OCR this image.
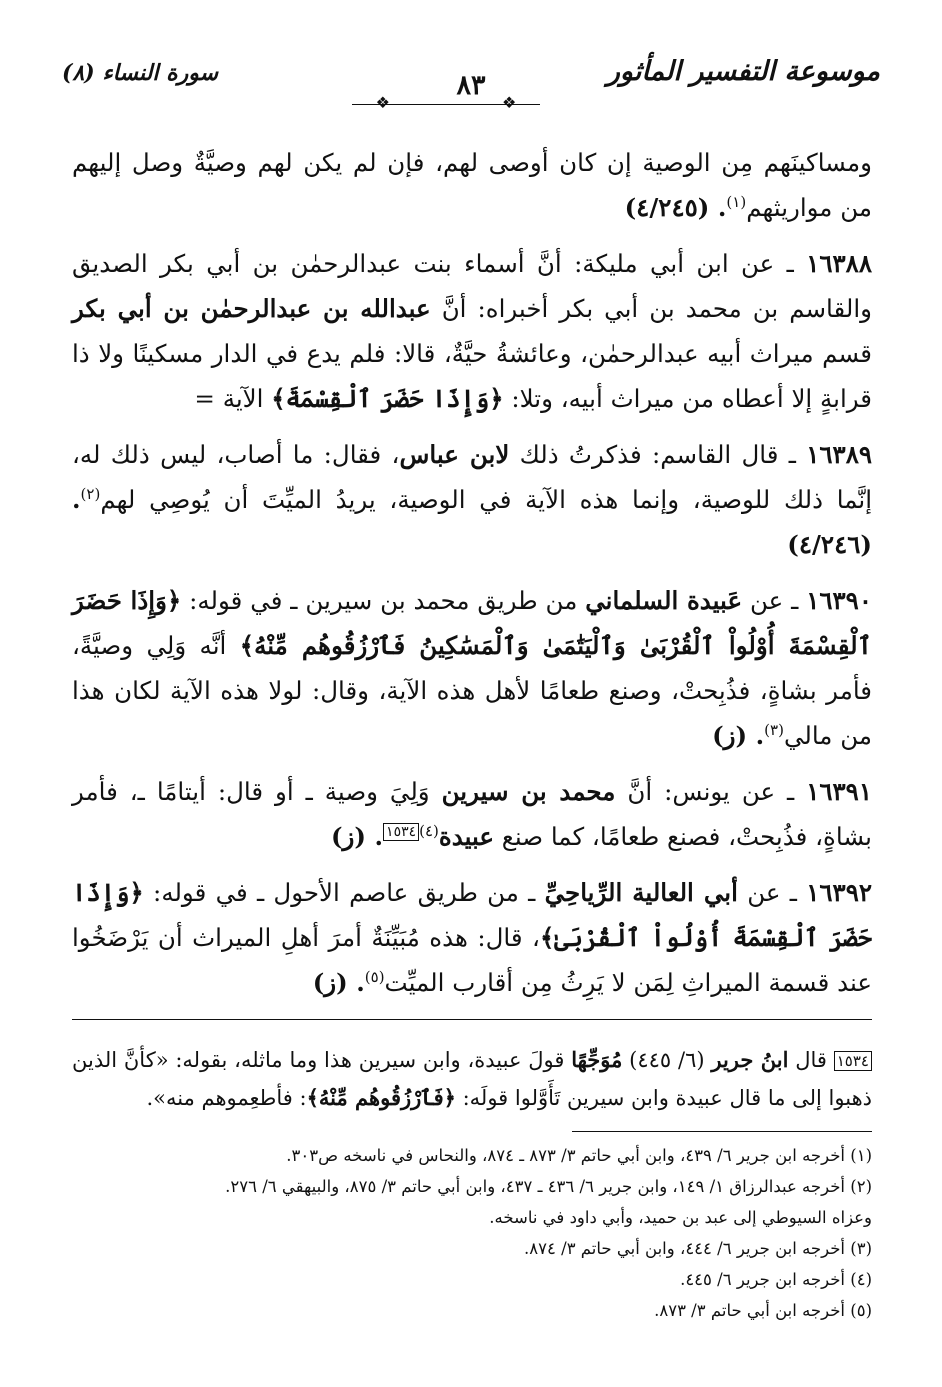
موسوعة التفسير المأثور
سورة النساء (٨)	٨٣
❖	❖

ومساكينَهم مِن الوصية إن كان أوصى لهم، فإن لم يكن لهم وصيَّةٌ وصل إليهم من مواريثهم$^{(١)}$. (٤/٢٤٥)

١٦٣٨٨ ـ عن ابن أبي مليكة: أنَّ أسماء بنت عبدالرحمٰن بن أبي بكر الصديق والقاسم بن محمد بن أبي بكر أخبراه: أنَّ عبدالله بن عبدالرحمٰن بن أبي بكر قسم ميراث أبيه عبدالرحمٰن، وعائشةُ حيَّةٌ، قالا: فلم يدع في الدار مسكينًا ولا ذا قرابةٍ إلا أعطاه من ميراث أبيه، وتلا: ﴿وَإِذَا حَضَرَ ٱلْقِسْمَةَ﴾ الآية =

١٦٣٨٩ ـ قال القاسم: فذكرتُ ذلك لابن عباس، فقال: ما أصاب، ليس ذلك له، إنَّما ذلك للوصية، وإنما هذه الآية في الوصية، يريدُ الميِّتَ أن يُوصِي لهم$^{(٢)}$. (٤/٢٤٦)

١٦٣٩٠ ـ عن عَبيدة السلماني من طريق محمد بن سيرين ـ في قوله: ﴿وَإِذَا حَضَرَ ٱلْقِسْمَةَ أُوْلُواْ ٱلْقُرْبَىٰ وَٱلْيَتَٰمَىٰ وَٱلْمَسَٰكِينُ فَٱرْزُقُوهُم مِّنْهُ﴾ أنَّه وَلِي وصيَّةً، فأمر بشاةٍ، فذُبِحتْ، وصنع طعامًا لأهل هذه الآية، وقال: لولا هذه الآية لكان هذا من مالي$^{(٣)}$. (ز)

١٦٣٩١ ـ عن يونس: أنَّ محمد بن سيرين وَلِيَ وصية ـ أو قال: أيتامًا ـ، فأمر بشاةٍ، فذُبِحتْ، فصنع طعامًا، كما صنع عبيدة$^{(٤)١٥٣٤}$. (ز)

١٦٣٩٢ ـ عن أبي العالية الرِّياحِيِّ ـ من طريق عاصم الأحول ـ في قوله: ﴿وَإِذَا حَضَرَ ٱلْقِسْمَةَ أُوْلُواْ ٱلْقُرْبَىٰ﴾، قال: هذه مُبَيِّنَةٌ أمرَ أهلِ الميراث أن يَرْضَخُوا عند قسمة الميراثِ لِمَن لا يَرِثُ مِن أقارب الميِّت$^{(٥)}$. (ز)

١٥٣٤ قال ابنُ جرير (٦/ ٤٤٥) مُوَجِّهًا قولَ عبيدة، وابن سيرين هذا وما ماثله، بقوله: «كأنَّ الذين ذهبوا إلى ما قال عبيدة وابن سيرين تَأَوَّلوا قولَه: ﴿فَٱرْزُقُوهُم مِّنْهُ﴾: فأطعِموهم منه».

(١) أخرجه ابن جرير ٦/ ٤٣٩، وابن أبي حاتم ٣/ ٨٧٣ ـ ٨٧٤، والنحاس في ناسخه ص٣٠٣.
(٢) أخرجه عبدالرزاق ١/ ١٤٩، وابن جرير ٦/ ٤٣٦ ـ ٤٣٧، وابن أبي حاتم ٣/ ٨٧٥، والبيهقي ٦/ ٢٧٦.
وعزاه السيوطي إلى عبد بن حميد، وأبي داود في ناسخه.
(٣) أخرجه ابن جرير ٦/ ٤٤٤، وابن أبي حاتم ٣/ ٨٧٤.
(٤) أخرجه ابن جرير ٦/ ٤٤٥.
(٥) أخرجه ابن أبي حاتم ٣/ ٨٧٣.
